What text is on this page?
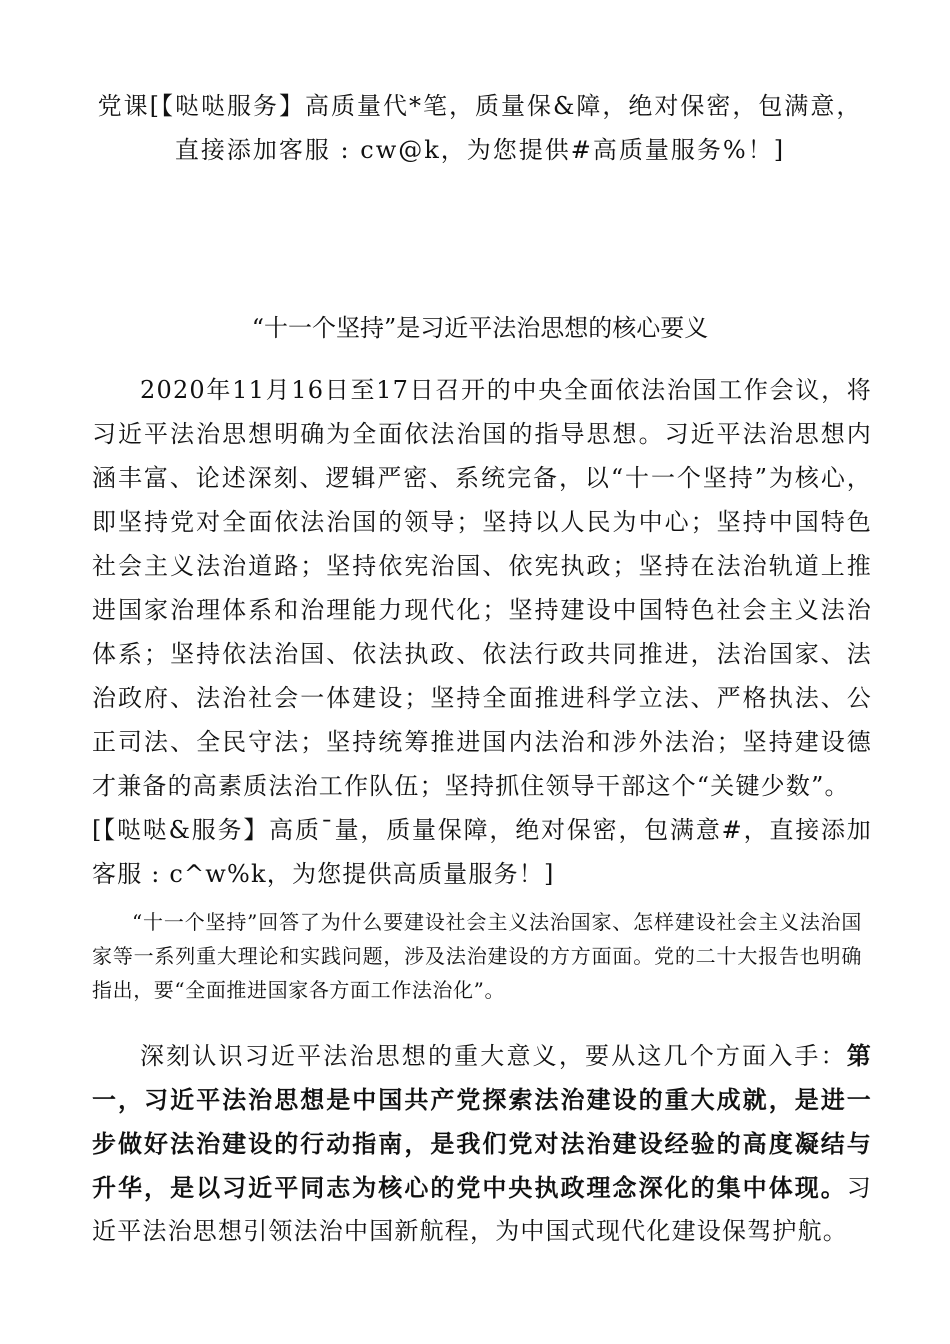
党课[【哒哒服务】高质量代*笔，质量保&障，绝对保密，包满意，
直接添加客服 : cw@k，为您提供#高质量服务%！]
“十一个坚持”是习近平法治思想的核心要义

2020年11月16日至17日召开的中央全面依法治国工作会议，将习近平法治思想明确为全面依法治国的指导思想。习近平法治思想内涵丰富、论述深刻、逻辑严密、系统完备，以“十一个坚持”为核心，即坚持党对全面依法治国的领导；坚持以人民为中心；坚持中国特色社会主义法治道路；坚持依宪治国、依宪执政；坚持在法治轨道上推进国家治理体系和治理能力现代化；坚持建设中国特色社会主义法治体系；坚持依法治国、依法执政、依法行政共同推进，法治国家、法治政府、法治社会一体建设；坚持全面推进科学立法、严格执法、公正司法、全民守法；坚持统筹推进国内法治和涉外法治；坚持建设德才兼备的高素质法治工作队伍；坚持抓住领导干部这个“关键少数”。
[【哒哒&服务】高质¯量，质量保障，绝对保密，包满意#，直接添加客服 : c^w%k，为您提供高质量服务！]

“十一个坚持”回答了为什么要建设社会主义法治国家、怎样建设社会主义法治国家等一系列重大理论和实践问题，涉及法治建设的方方面面。党的二十大报告也明确指出，要“全面推进国家各方面工作法治化”。

深刻认识习近平法治思想的重大意义，要从这几个方面入手：第一，习近平法治思想是中国共产党探索法治建设的重大成就，是进一步做好法治建设的行动指南，是我们党对法治建设经验的高度凝结与升华，是以习近平同志为核心的党中央执政理念深化的集中体现。习近平法治思想引领法治中国新航程，为中国式现代化建设保驾护航。
